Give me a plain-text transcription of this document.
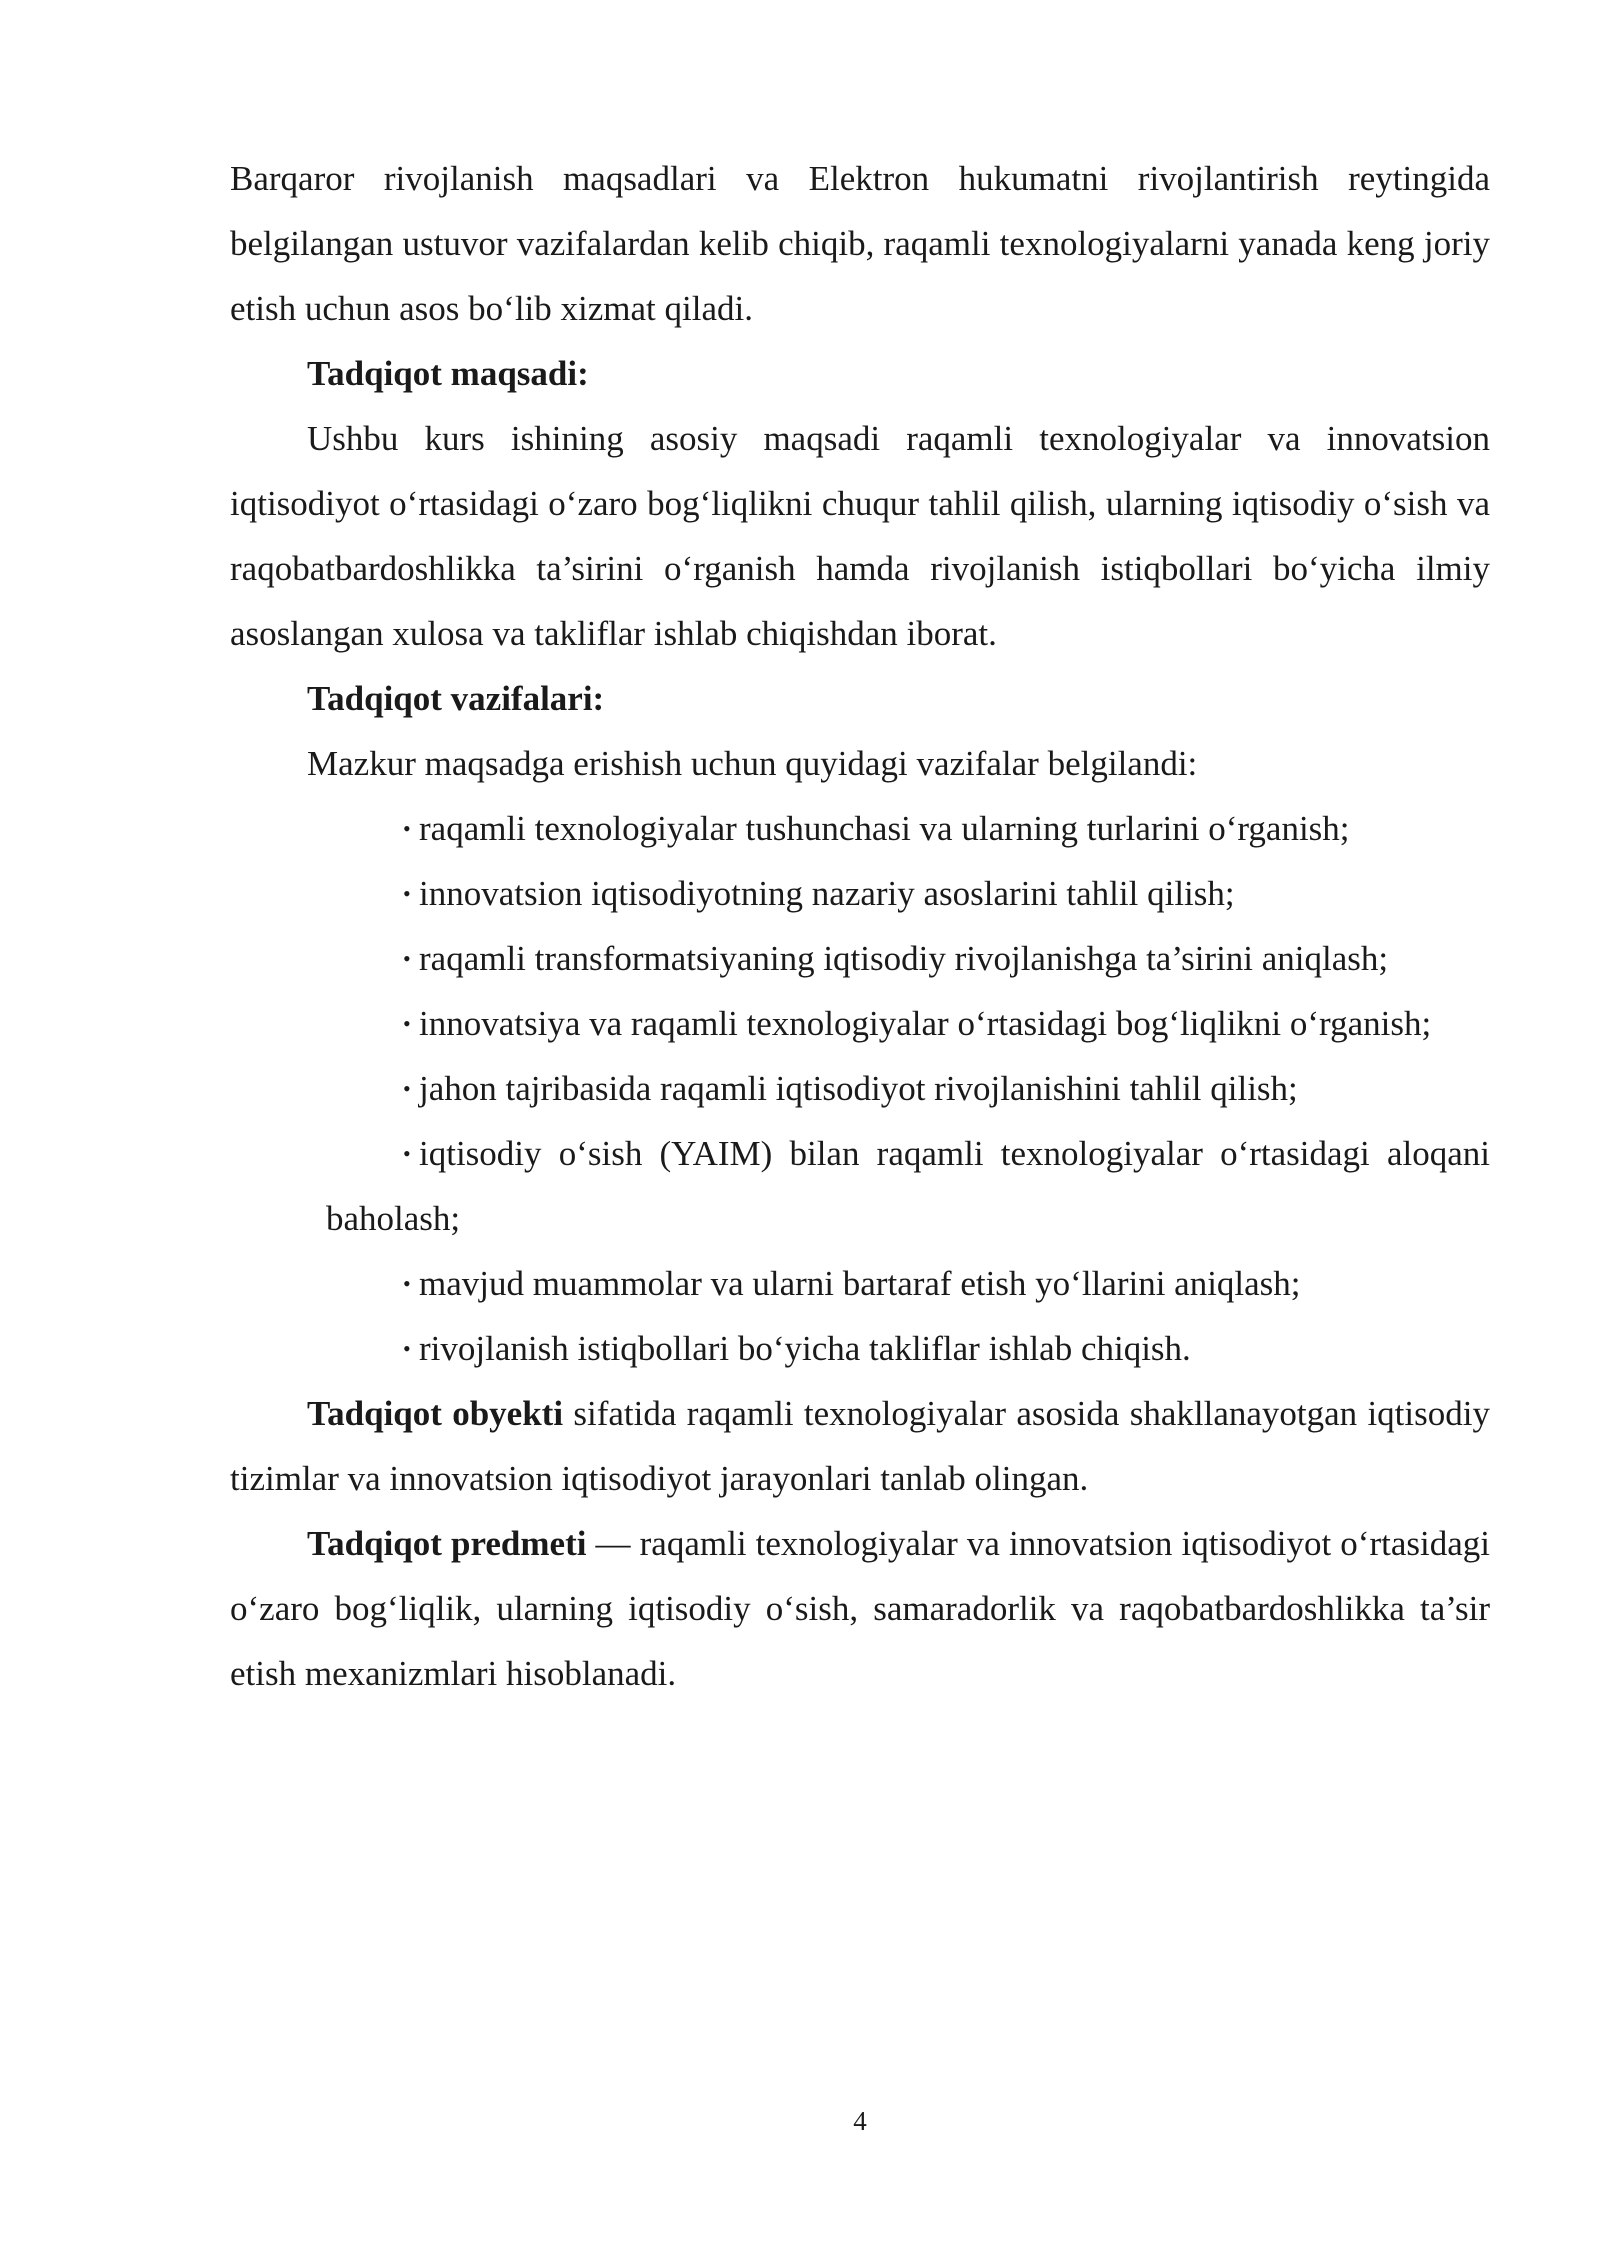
Barqaror rivojlanish maqsadlari va Elektron hukumatni rivojlantirish reytingida belgilangan ustuvor vazifalardan kelib chiqib, raqamli texnologiyalarni yanada keng joriy etish uchun asos bo‘lib xizmat qiladi.

Tadqiqot maqsadi:

Ushbu kurs ishining asosiy maqsadi raqamli texnologiyalar va innovatsion iqtisodiyot o‘rtasidagi o‘zaro bog‘liqlikni chuqur tahlil qilish, ularning iqtisodiy o‘sish va raqobatbardoshlikka ta’sirini o‘rganish hamda rivojlanish istiqbollari bo‘yicha ilmiy asoslangan xulosa va takliflar ishlab chiqishdan iborat.

Tadqiqot vazifalari:

Mazkur maqsadga erishish uchun quyidagi vazifalar belgilandi:

• raqamli texnologiyalar tushunchasi va ularning turlarini o‘rganish;
• innovatsion iqtisodiyotning nazariy asoslarini tahlil qilish;
• raqamli transformatsiyaning iqtisodiy rivojlanishga ta’sirini aniqlash;
• innovatsiya va raqamli texnologiyalar o‘rtasidagi bog‘liqlikni o‘rganish;
• jahon tajribasida raqamli iqtisodiyot rivojlanishini tahlil qilish;
• iqtisodiy o‘sish (YAIM) bilan raqamli texnologiyalar o‘rtasidagi aloqani baholash;
• mavjud muammolar va ularni bartaraf etish yo‘llarini aniqlash;
• rivojlanish istiqbollari bo‘yicha takliflar ishlab chiqish.

Tadqiqot obyekti sifatida raqamli texnologiyalar asosida shakllanayotgan iqtisodiy tizimlar va innovatsion iqtisodiyot jarayonlari tanlab olingan.

Tadqiqot predmeti — raqamli texnologiyalar va innovatsion iqtisodiyot o‘rtasidagi o‘zaro bog‘liqlik, ularning iqtisodiy o‘sish, samaradorlik va raqobatbardoshlikka ta’sir etish mexanizmlari hisoblanadi.

4
